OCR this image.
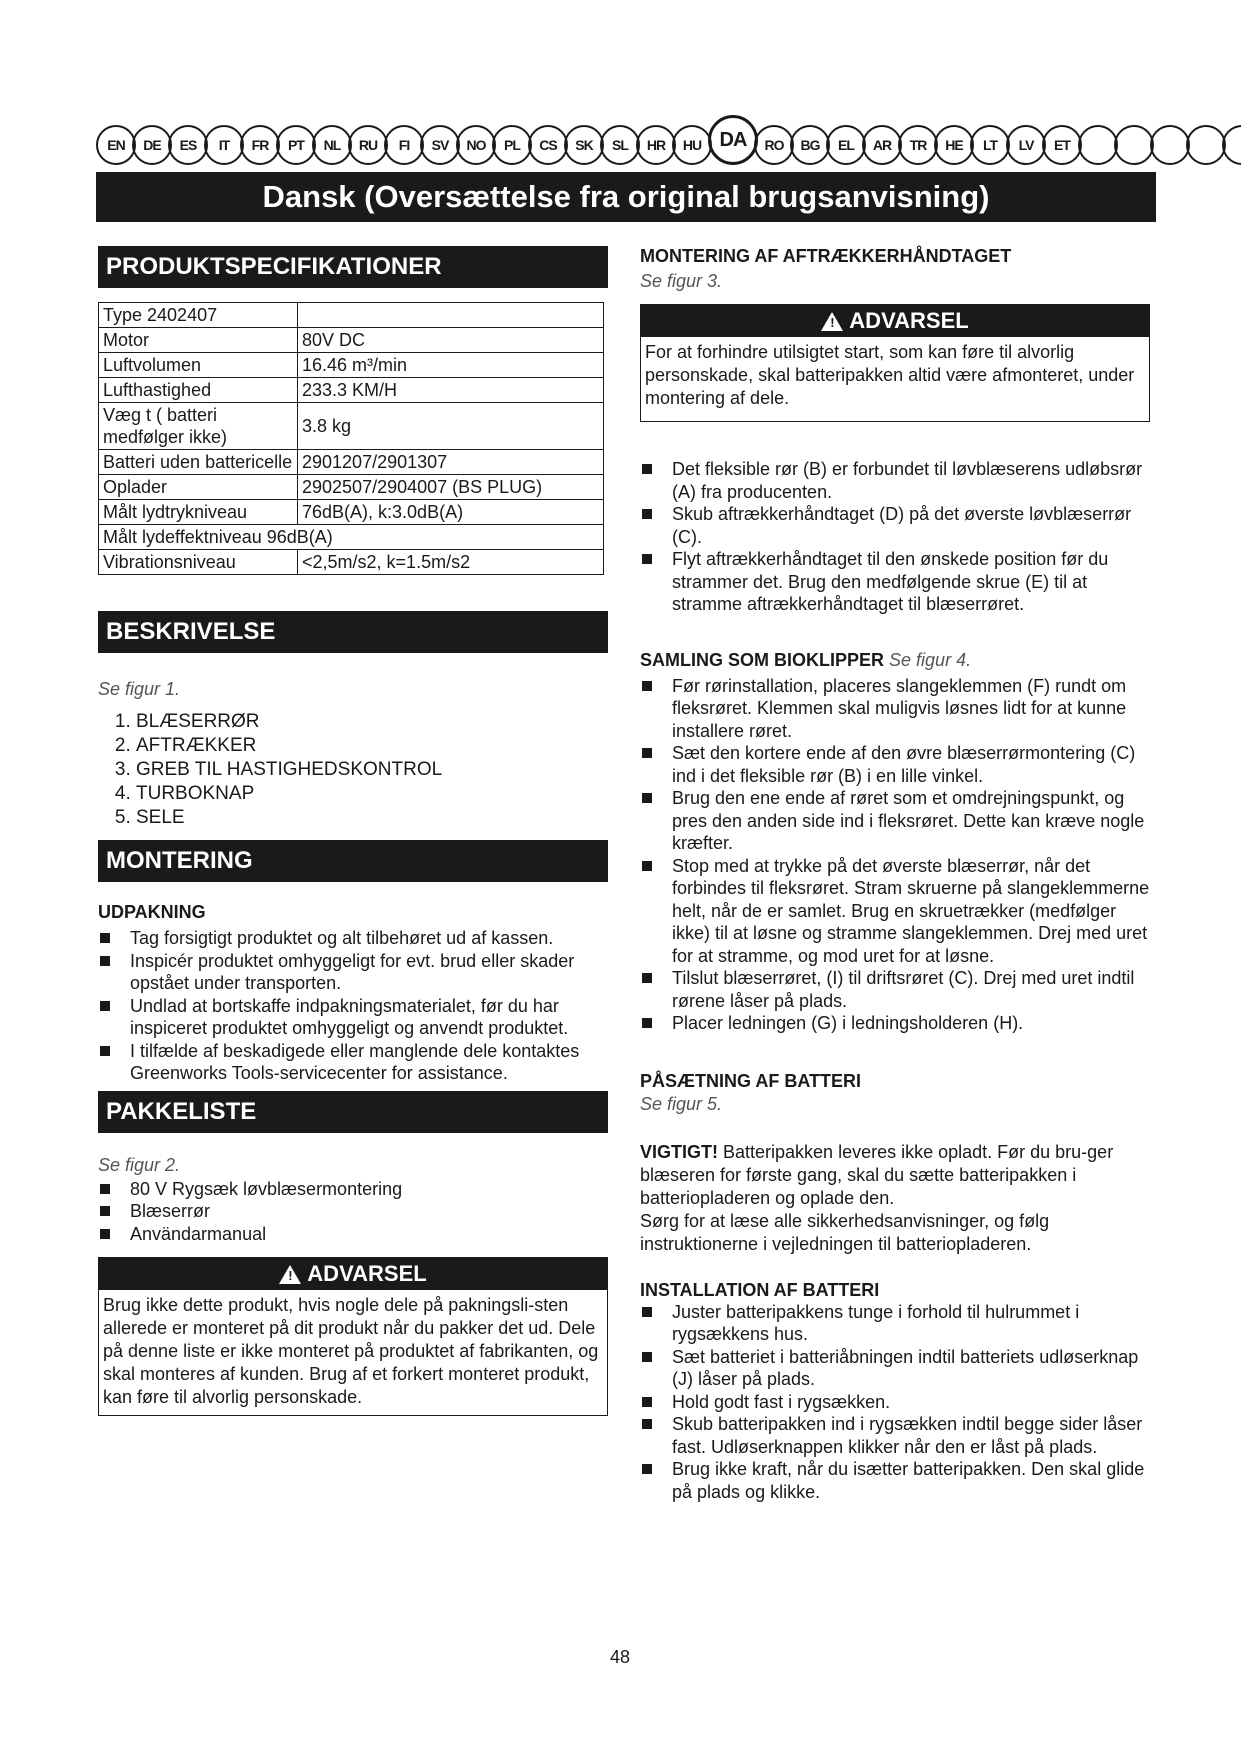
EN	DE	ES	IT	FR	PT	NL	RU	FI	SV	NO	PL	CS	SK	SL	HR	HU DA	RO	BG	EL	AR	TR	HE	LT	LV	ET
Dansk (Oversættelse fra original brugsanvisning)
PRODUKTSPECIFIKATIONER
Type 2402407	
Motor	80V DC
Luftvolumen	16.46 m³/min
Lufthastighed	233.3 KM/H
Væg t ( batteri medfølger ikke)	3.8 kg
Batteri uden battericelle	2901207/2901307
Oplader	2902507/2904007 (BS PLUG)
Målt lydtrykniveau	76dB(A), k:3.0dB(A)
Målt lydeffektniveau 96dB(A)	
Vibrationsniveau	<2,5m/s2, k=1.5m/s2
BESKRIVELSE
Se figur 1.
1. BLÆSERRØR
2. AFTRÆKKER
3. GREB TIL HASTIGHEDSKONTROL
4. TURBOKNAP
5. SELE
MONTERING
UDPAKNING
Tag forsigtigt produktet og alt tilbehøret ud af kassen.
Inspicér produktet omhyggeligt for evt. brud eller skader opstået under transporten.
Undlad at bortskaffe indpakningsmaterialet, før du har inspiceret produktet omhyggeligt og anvendt produktet.
I tilfælde af beskadigede eller manglende dele kontaktes Greenworks Tools-servicecenter for assistance.
PAKKELISTE
Se figur 2.
80 V Rygsæk løvblæsermontering
Blæserrør
Användarmanual
! ADVARSEL
Brug ikke dette produkt, hvis nogle dele på pakningsli-sten allerede er monteret på dit produkt når du pakker det ud. Dele på denne liste er ikke monteret på produktet af fabrikanten, og skal monteres af kunden. Brug af et forkert monteret produkt, kan føre til alvorlig personskade.
MONTERING AF AFTRÆKKERHÅNDTAGET
Se figur 3.
! ADVARSEL
For at forhindre utilsigtet start, som kan føre til alvorlig personskade, skal batteripakken altid være afmonteret, under montering af dele.
Det fleksible rør (B) er forbundet til løvblæserens udløbsrør (A) fra producenten.
Skub aftrækkerhåndtaget (D) på det øverste løvblæserrør (C).
Flyt aftrækkerhåndtaget til den ønskede position før du strammer det. Brug den medfølgende skrue (E) til at stramme aftrækkerhåndtaget til blæserrøret.
SAMLING SOM BIOKLIPPER Se figur 4.
Før rørinstallation, placeres slangeklemmen (F) rundt om fleksrøret. Klemmen skal muligvis løsnes lidt for at kunne installere røret.
Sæt den kortere ende af den øvre blæserrørmontering (C) ind i det fleksible rør (B) i en lille vinkel.
Brug den ene ende af røret som et omdrejningspunkt, og pres den anden side ind i fleksrøret. Dette kan kræve nogle kræfter.
Stop med at trykke på det øverste blæserrør, når det forbindes til fleksrøret. Stram skruerne på slangeklemmerne helt, når de er samlet. Brug en skruetrækker (medfølger ikke) til at løsne og stramme slangeklemmen. Drej med uret for at stramme, og mod uret for at løsne.
Tilslut blæserrøret, (I) til driftsrøret (C). Drej med uret indtil rørene låser på plads.
Placer ledningen (G) i ledningsholderen (H).
PÅSÆTNING AF BATTERI
Se figur 5.
VIGTIGT! Batteripakken leveres ikke opladt. Før du bru-ger blæseren for første gang, skal du sætte batteripakken i batteriopladeren og oplade den.
Sørg for at læse alle sikkerhedsanvisninger, og følg instruktionerne i vejledningen til batteriopladeren.
INSTALLATION AF BATTERI
Juster batteripakkens tunge i forhold til hulrummet i rygsækkens hus.
Sæt batteriet i batteriåbningen indtil batteriets udløserknap (J) låser på plads.
Hold godt fast i rygsækken.
Skub batteripakken ind i rygsækken indtil begge sider låser fast. Udløserknappen klikker når den er låst på plads.
Brug ikke kraft, når du isætter batteripakken. Den skal glide på plads og klikke.
48
